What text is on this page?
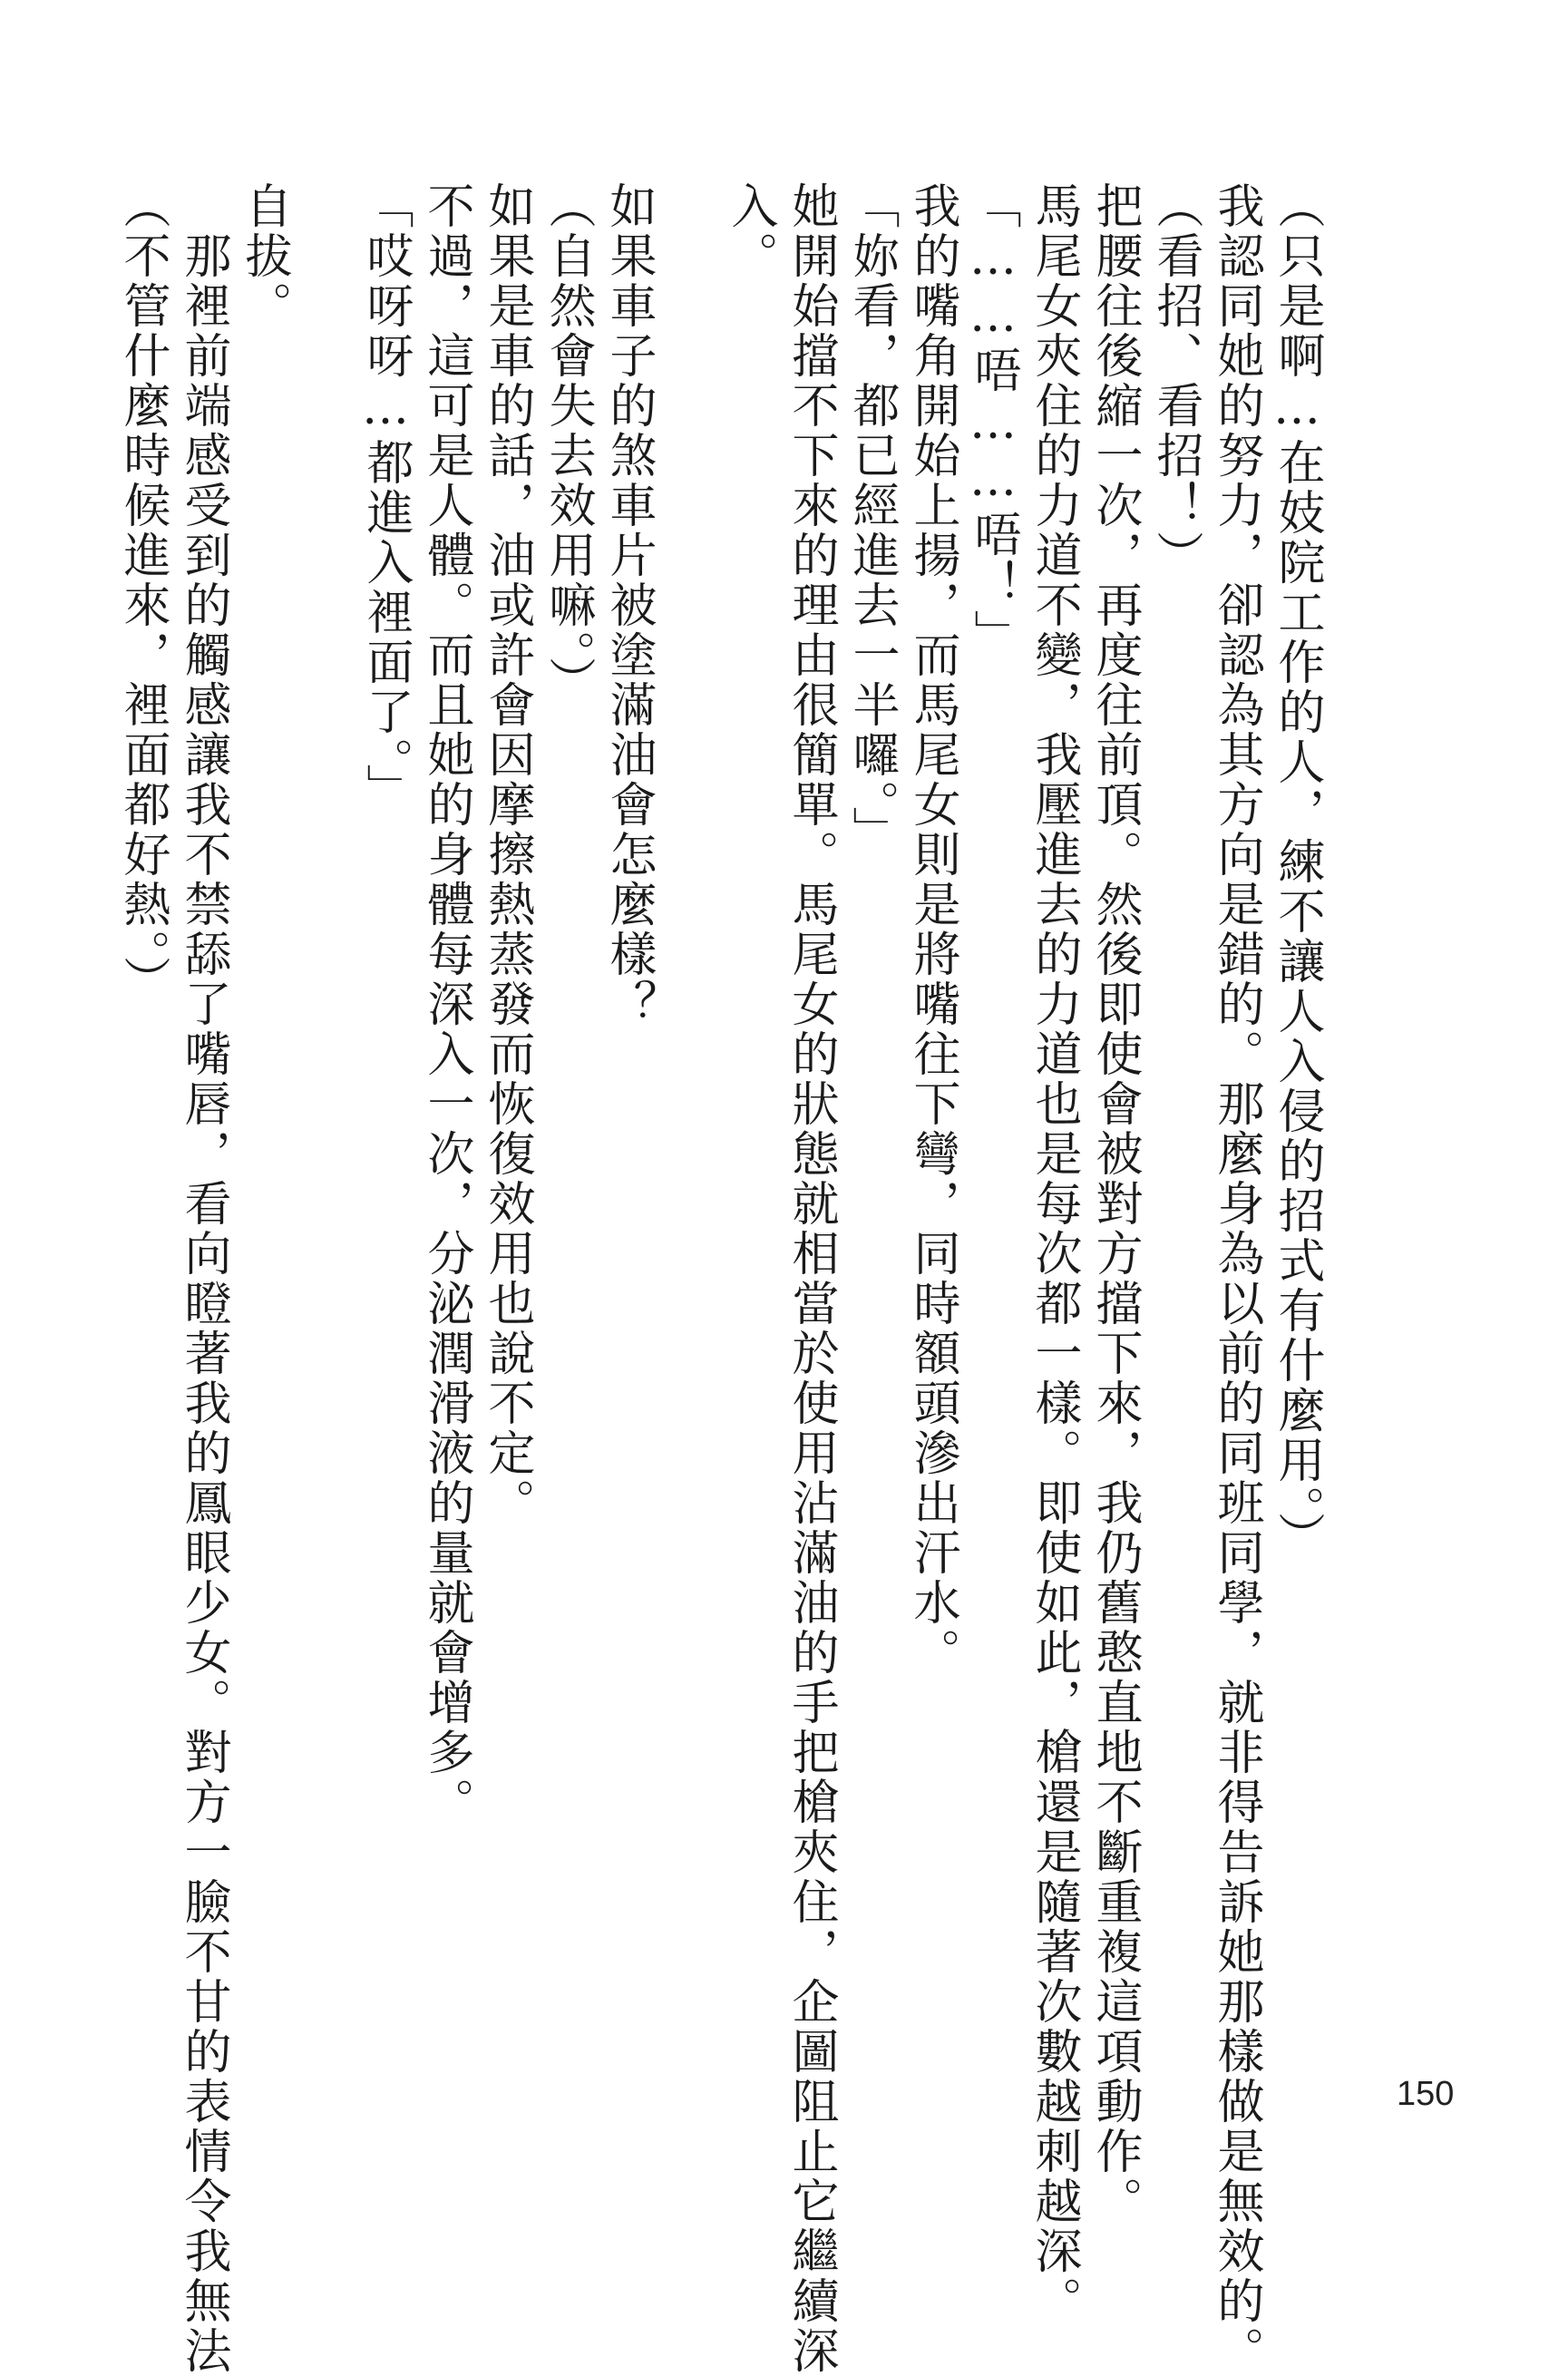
（只是啊…在妓院工作的人，練不讓人入侵的招式有什麼用。）
我認同她的努力，卻認為其方向是錯的。那麼身為以前的同班同學，就非得告訴她那樣做是無效的。
（看招、看招！）
把腰往後縮一次，再度往前頂。然後即使會被對方擋下來，我仍舊憨直地不斷重複這項動作。
馬尾女夾住的力道不變，我壓進去的力道也是每次都一樣。即使如此，槍還是隨著次數越刺越深。
「……唔……唔！」
我的嘴角開始上揚，而馬尾女則是將嘴往下彎，同時額頭滲出汗水。
「妳看，都已經進去一半囉。」
她開始擋不下來的理由很簡單。馬尾女的狀態就相當於使用沾滿油的手把槍夾住，企圖阻止它繼續深
入。

如果車子的煞車片被塗滿油會怎麼樣？
（自然會失去效用嘛。）
如果是車的話，油或許會因摩擦熱蒸發而恢復效用也說不定。
不過，這可是人體。而且她的身體每深入一次，分泌潤滑液的量就會增多。
「哎呀呀…都進入裡面了。」

自拔。
　那裡前端感受到的觸感讓我不禁舔了嘴唇，看向瞪著我的鳳眼少女。對方一臉不甘的表情令我無法
（不管什麼時候進來，裡面都好熱。）
150
